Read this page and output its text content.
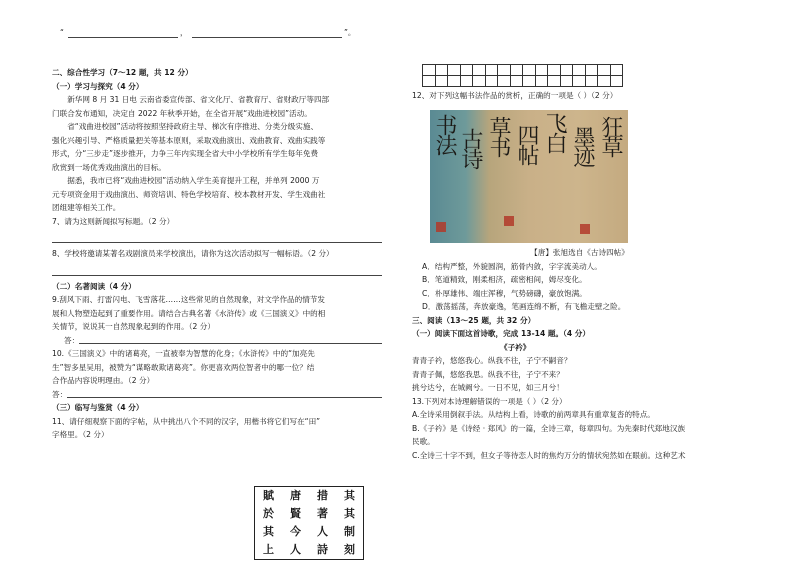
“	，	”。

二、综合性学习（7～12 题，共 12 分）

（一）学习与探究（4 分）

新华网 8 月 31 日电 云南省委宣传部、省文化厅、省教育厅、省财政厅等四部

门联合发布通知，决定自 2022 年秋季开始，在全省开展“戏曲进校园”活动。

省“戏曲进校园”活动将按照坚持政府主导、梯次有序推进、分类分级实施、

强化兴趣引导、严格质量把关等基本原则，采取戏曲演出、戏曲教育、戏曲实践等

形式，分“三步走”逐步推开，力争三年内实现全省大中小学校所有学生每年免费

欣赏到一场优秀戏曲演出的目标。

据悉，我市已将“戏曲进校园”活动纳入学生美育提升工程，并单列 2000 万

元专项资金用于戏曲演出、师资培训、特色学校培育、校本教材开发、学生戏曲社

团组建等相关工作。

7、请为这则新闻拟写标题。（2 分）

8、学校将邀请某著名戏剧演员来学校演出，请你为这次活动拟写一幅标语。（2 分）

（二）名著阅读（4 分）

9.刮风下雨、打雷闪电、飞雪落花……这些常见的自然现象，对文学作品的情节发

展和人物塑造起到了重要作用。请结合古典名著《水浒传》或《三国演义》中的相

关情节，说说其一自然现象起到的作用。（2 分）

答：

10.《三国演义》中的诸葛亮，一直被奉为智慧的化身；《水浒传》中的“加亮先

生”智多星吴用，被赞为“谋略敢欺诸葛亮”。你更喜欢两位智者中的哪一位？结

合作品内容说明理由。（2 分）

答：

（三）临写与鉴赏（4 分）

11、请仔细观察下面的字帖，从中挑出八个不同的汉字，用楷书将它们写在“田”

字格里。（2 分）

賦	唐	措	其
於	賢	著	其
其	今	人	制
上	人	詩	刻

12、对下列这幅书法作品的赏析，正确的一项是（ ）（2 分）

书法 古诗 草书 四帖 飞白 墨迹 狂草

【唐】张旭选自《古诗四帖》

A．结构严整，外貌圆润，筋骨内敛，字字流美动人。

B．笔道精致，刚柔相济，疏密相间，姆尽变化。

C．朴厚雄伟、端庄浑穆，气势磅礴，豪放饱满。

D．激荡摇荡，奔放豪逸，笔画连绵不断，有飞檐走壁之险。

三、阅读（13～25 题，共 32 分）

（一）阅读下面这首诗歌，完成 13-14 题。（4 分）

《子衿》

青青子衿，悠悠我心。纵我不往，子宁不嗣音？

青青子佩，悠悠我思。纵我不往，子宁不来？

挑兮达兮，在城阙兮。一日不见，如三月兮！

13.下列对本诗理解错误的一项是（ ）（2 分）

A.全诗采用倒叙手法。从结构上看，诗歌的前两章具有重章复沓的特点。

B.《子衿》是《诗经 · 郑风》的一篇，全诗三章，每章四句。为先秦时代郑地汉族

民歌。

C.全诗三十字不到，但女子等待恋人时的焦灼万分的情状宛然如在眼前。这种艺术
